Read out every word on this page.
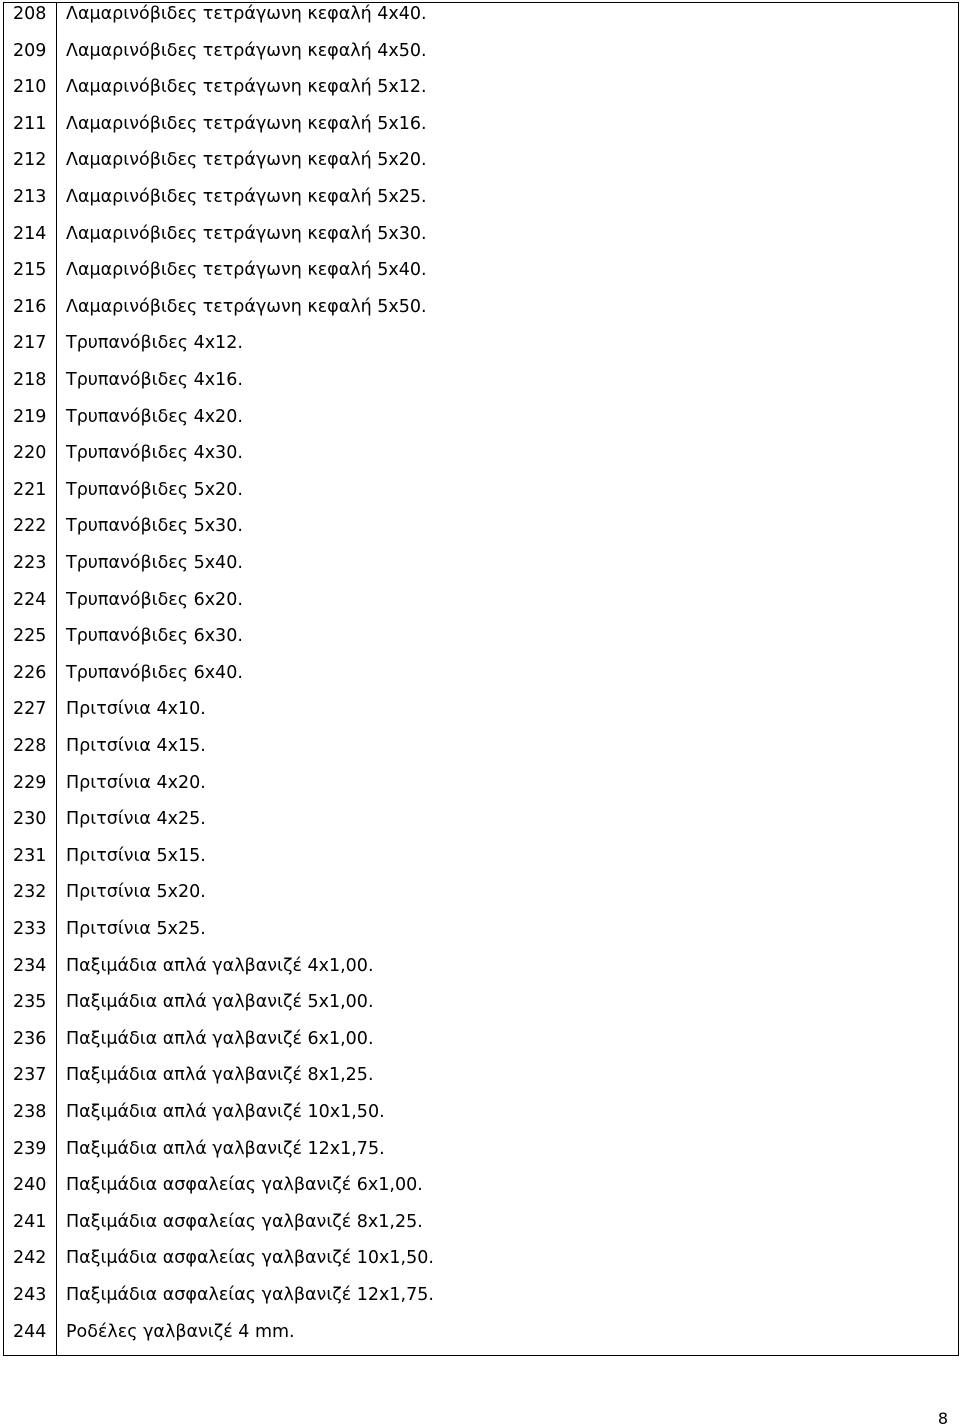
208 Λαμαρινόβιδες τετράγωνη κεφαλή 4x40.
209 Λαμαρινόβιδες τετράγωνη κεφαλή 4x50.
210 Λαμαρινόβιδες τετράγωνη κεφαλή 5x12.
211 Λαμαρινόβιδες τετράγωνη κεφαλή 5x16.
212 Λαμαρινόβιδες τετράγωνη κεφαλή 5x20.
213 Λαμαρινόβιδες τετράγωνη κεφαλή 5x25.
214 Λαμαρινόβιδες τετράγωνη κεφαλή 5x30.
215 Λαμαρινόβιδες τετράγωνη κεφαλή 5x40.
216 Λαμαρινόβιδες τετράγωνη κεφαλή 5x50.
217 Τρυπανόβιδες 4x12.
218 Τρυπανόβιδες 4x16.
219 Τρυπανόβιδες 4x20.
220 Τρυπανόβιδες 4x30.
221 Τρυπανόβιδες 5x20.
222 Τρυπανόβιδες 5x30.
223 Τρυπανόβιδες 5x40.
224 Τρυπανόβιδες 6x20.
225 Τρυπανόβιδες 6x30.
226 Τρυπανόβιδες 6x40.
227 Πριτσίνια 4x10.
228 Πριτσίνια 4x15.
229 Πριτσίνια 4x20.
230 Πριτσίνια 4x25.
231 Πριτσίνια 5x15.
232 Πριτσίνια 5x20.
233 Πριτσίνια 5x25.
234 Παξιμάδια απλά γαλβανιζέ 4x1,00.
235 Παξιμάδια απλά γαλβανιζέ 5x1,00.
236 Παξιμάδια απλά γαλβανιζέ 6x1,00.
237 Παξιμάδια απλά γαλβανιζέ 8x1,25.
238 Παξιμάδια απλά γαλβανιζέ 10x1,50.
239 Παξιμάδια απλά γαλβανιζέ 12x1,75.
240 Παξιμάδια ασφαλείας γαλβανιζέ 6x1,00.
241 Παξιμάδια ασφαλείας γαλβανιζέ 8x1,25.
242 Παξιμάδια ασφαλείας γαλβανιζέ 10x1,50.
243 Παξιμάδια ασφαλείας γαλβανιζέ 12x1,75.
244 Ροδέλες γαλβανιζέ 4 mm.
8
